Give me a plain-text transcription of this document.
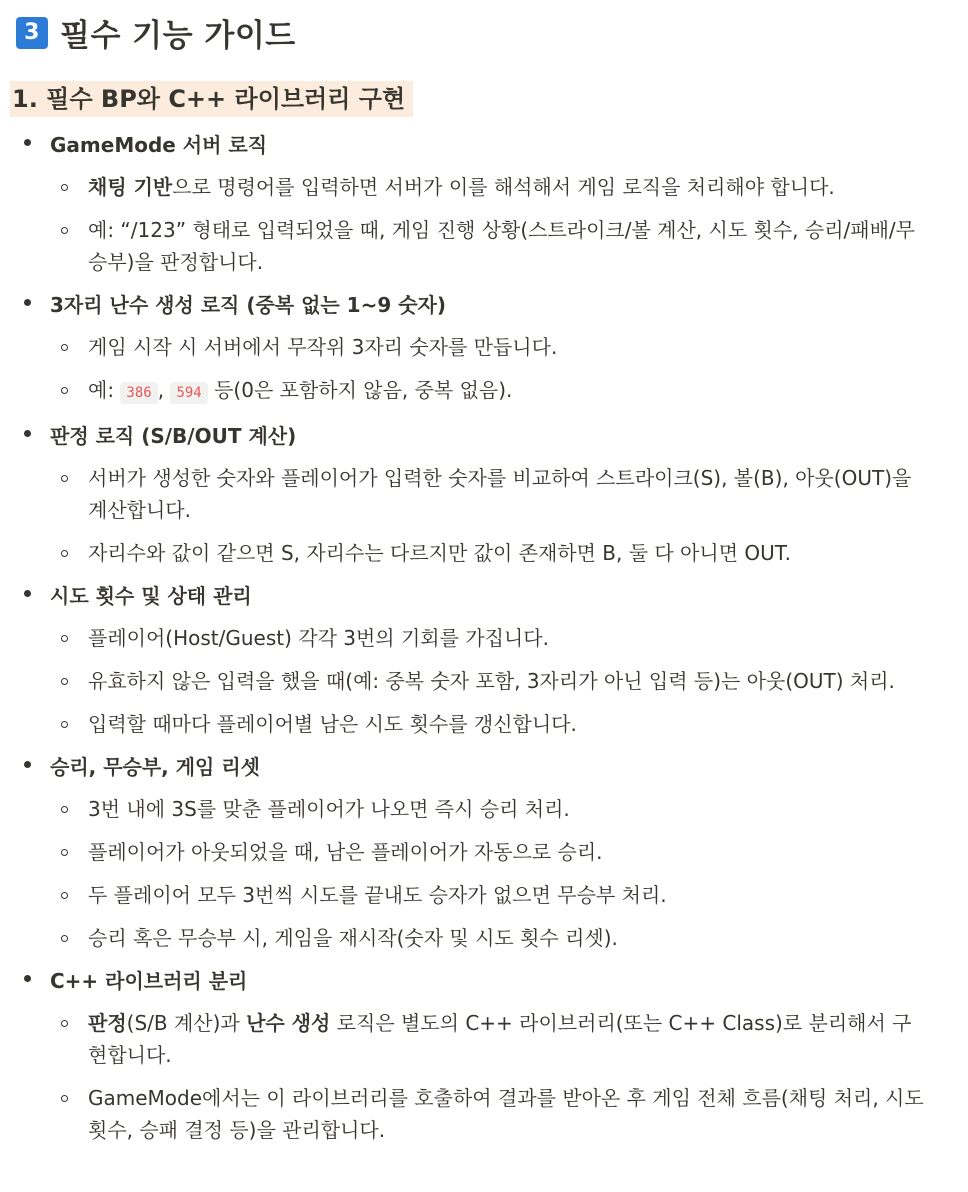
3 필수 기능 가이드
1. 필수 BP와 C++ 라이브러리 구현
GameMode 서버 로직
채팅 기반으로 명령어를 입력하면 서버가 이를 해석해서 게임 로직을 처리해야 합니다.
예: “/123” 형태로 입력되었을 때, 게임 진행 상황(스트라이크/볼 계산, 시도 횟수, 승리/패배/무승부)을 판정합니다.
3자리 난수 생성 로직 (중복 없는 1~9 숫자)
게임 시작 시 서버에서 무작위 3자리 숫자를 만듭니다.
예: 386 , 594 등(0은 포함하지 않음, 중복 없음).
판정 로직 (S/B/OUT 계산)
서버가 생성한 숫자와 플레이어가 입력한 숫자를 비교하여 스트라이크(S), 볼(B), 아웃(OUT)을 계산합니다.
자리수와 값이 같으면 S, 자리수는 다르지만 값이 존재하면 B, 둘 다 아니면 OUT.
시도 횟수 및 상태 관리
플레이어(Host/Guest) 각각 3번의 기회를 가집니다.
유효하지 않은 입력을 했을 때(예: 중복 숫자 포함, 3자리가 아닌 입력 등)는 아웃(OUT) 처리.
입력할 때마다 플레이어별 남은 시도 횟수를 갱신합니다.
승리, 무승부, 게임 리셋
3번 내에 3S를 맞춘 플레이어가 나오면 즉시 승리 처리.
플레이어가 아웃되었을 때, 남은 플레이어가 자동으로 승리.
두 플레이어 모두 3번씩 시도를 끝내도 승자가 없으면 무승부 처리.
승리 혹은 무승부 시, 게임을 재시작(숫자 및 시도 횟수 리셋).
C++ 라이브러리 분리
판정(S/B 계산)과 난수 생성 로직은 별도의 C++ 라이브러리(또는 C++ Class)로 분리해서 구현합니다.
GameMode에서는 이 라이브러리를 호출하여 결과를 받아온 후 게임 전체 흐름(채팅 처리, 시도 횟수, 승패 결정 등)을 관리합니다.
